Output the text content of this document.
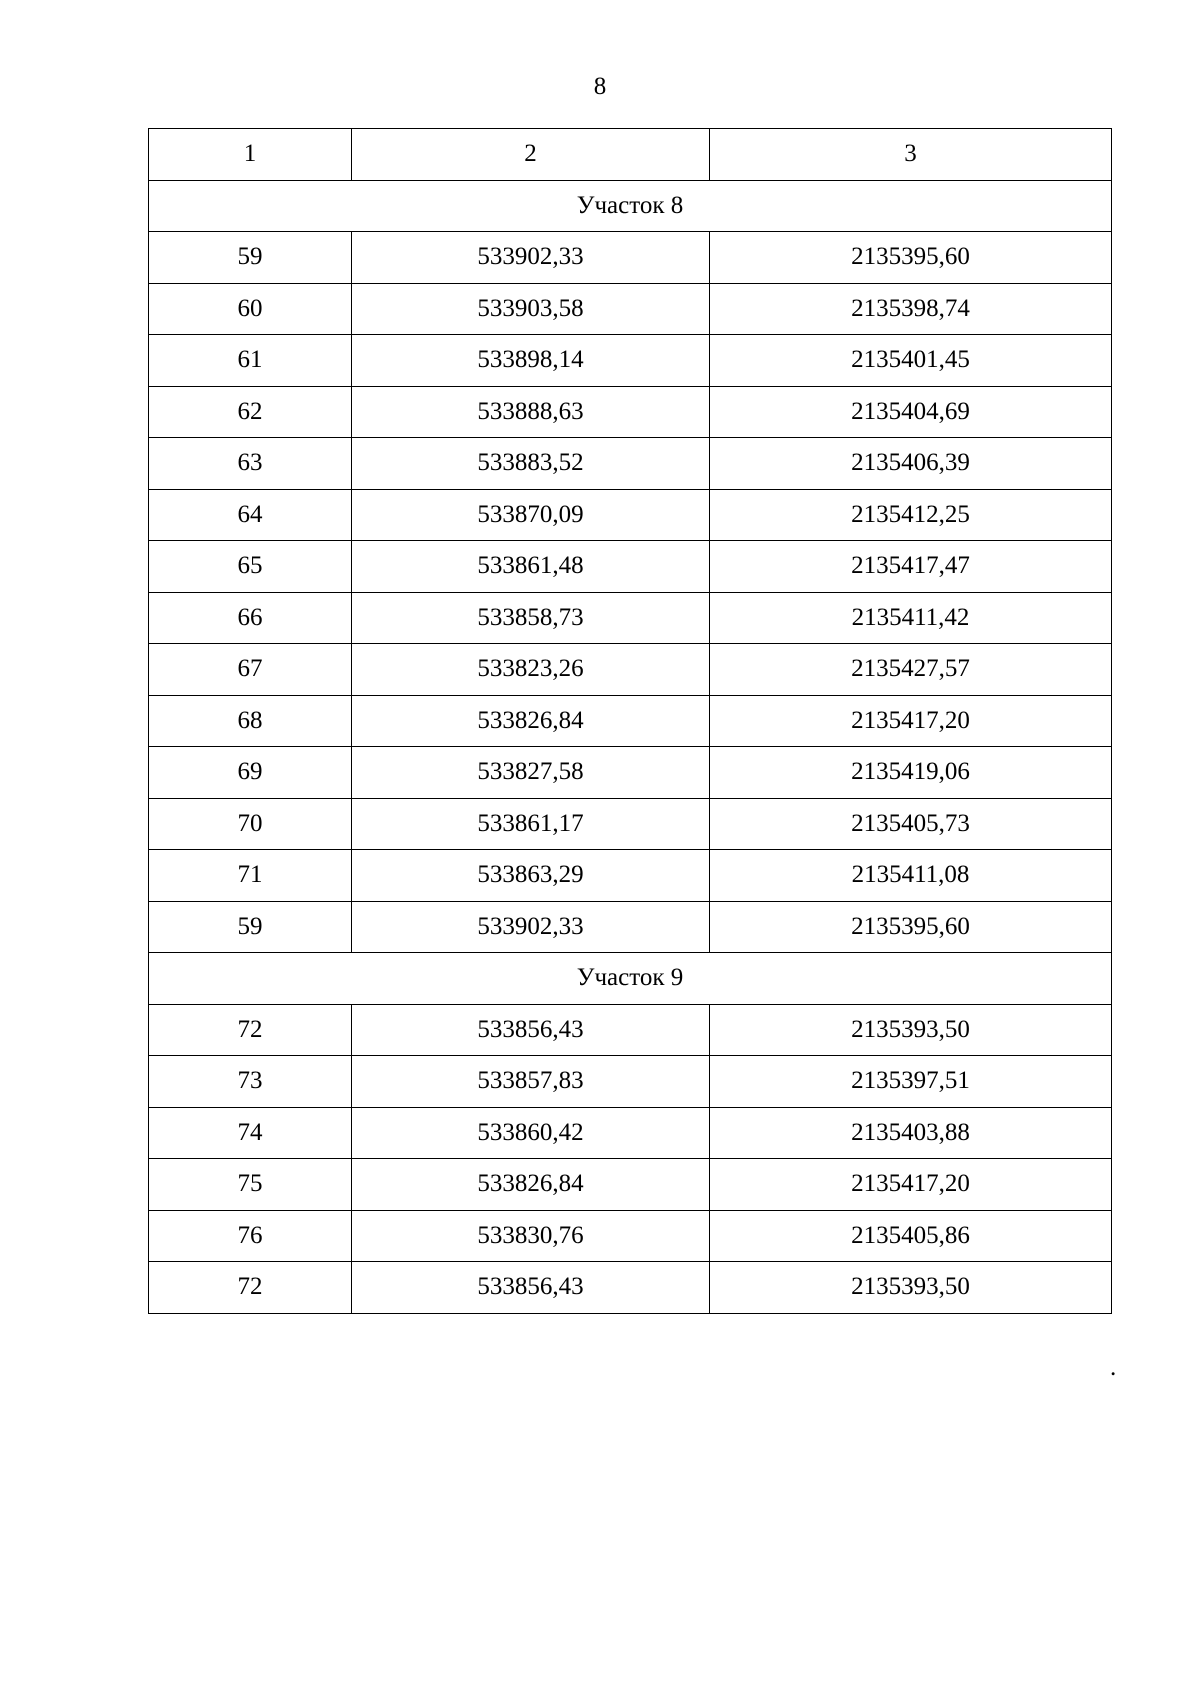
8
1	2	3
Участок 8		
59	533902,33	2135395,60
60	533903,58	2135398,74
61	533898,14	2135401,45
62	533888,63	2135404,69
63	533883,52	2135406,39
64	533870,09	2135412,25
65	533861,48	2135417,47
66	533858,73	2135411,42
67	533823,26	2135427,57
68	533826,84	2135417,20
69	533827,58	2135419,06
70	533861,17	2135405,73
71	533863,29	2135411,08
59	533902,33	2135395,60
Участок 9		
72	533856,43	2135393,50
73	533857,83	2135397,51
74	533860,42	2135403,88
75	533826,84	2135417,20
76	533830,76	2135405,86
72	533856,43	2135393,50
.
